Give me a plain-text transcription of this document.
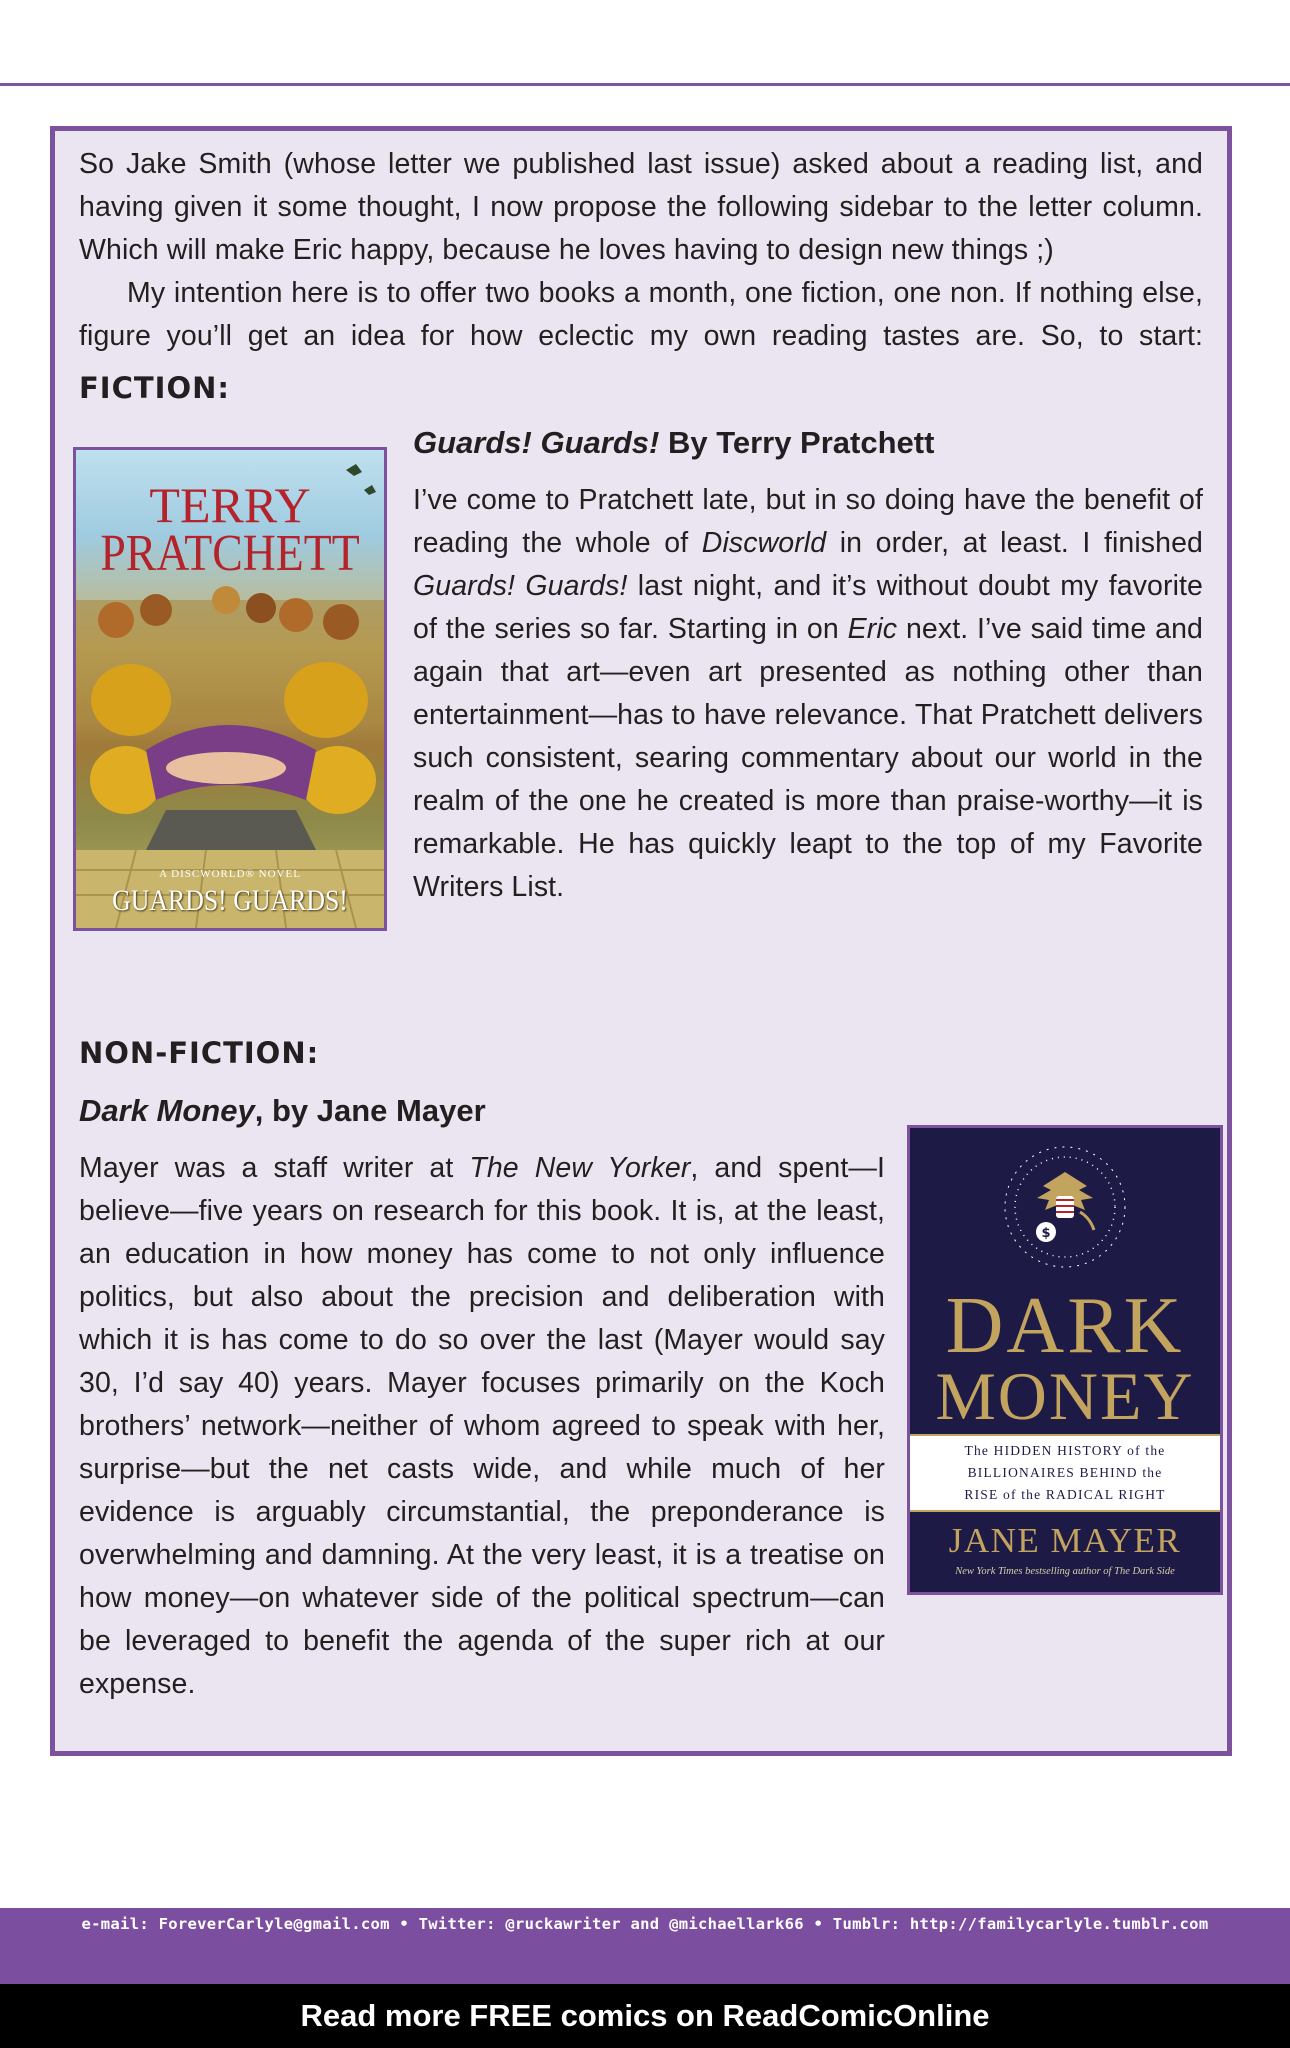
So Jake Smith (whose letter we published last issue) asked about a reading list, and having given it some thought, I now propose the following sidebar to the letter column. Which will make Eric happy, because he loves having to design new things ;)

My intention here is to offer two books a month, one fiction, one non. If nothing else, figure you’ll get an idea for how eclectic my own reading tastes are. So, to start:

FICTION:
TERRY
PRATCHETT
A DISCWORLD® NOVEL
GUARDS! GUARDS!
Guards! Guards! By Terry Pratchett

I’ve come to Pratchett late, but in so doing have the benefit of reading the whole of Discworld in order, at least. I finished Guards! Guards! last night, and it’s without doubt my favorite of the series so far. Starting in on Eric next. I’ve said time and again that art—even art presented as nothing other than entertainment—has to have relevance. That Pratchett delivers such consistent, searing commentary about our world in the realm of the one he created is more than praise-worthy—it is remarkable. He has quickly leapt to the top of my Favorite Writers List.

NON-FICTION:
Dark Money, by Jane Mayer

Mayer was a staff writer at The New Yorker, and spent—I believe—five years on research for this book. It is, at the least, an education in how money has come to not only influence politics, but also about the precision and deliberation with which it is has come to do so over the last (Mayer would say 30, I’d say 40) years. Mayer focuses primarily on the Koch brothers’ network—neither of whom agreed to speak with her, surprise—but the net casts wide, and while much of her evidence is arguably circumstantial, the preponderance is overwhelming and damning. At the very least, it is a treatise on how money—on whatever side of the political spectrum—can be leveraged to benefit the agenda of the super rich at our expense.

$
DARK
MONEY
The HIDDEN HISTORY of the
BILLIONAIRES BEHIND the
RISE of the RADICAL RIGHT
JANE MAYER
New York Times bestselling author of The Dark Side
e-mail: ForeverCarlyle@gmail.com • Twitter: @ruckawriter and @michaellark66 • Tumblr: http://familycarlyle.tumblr.com
Read more FREE comics on ReadComicOnline
